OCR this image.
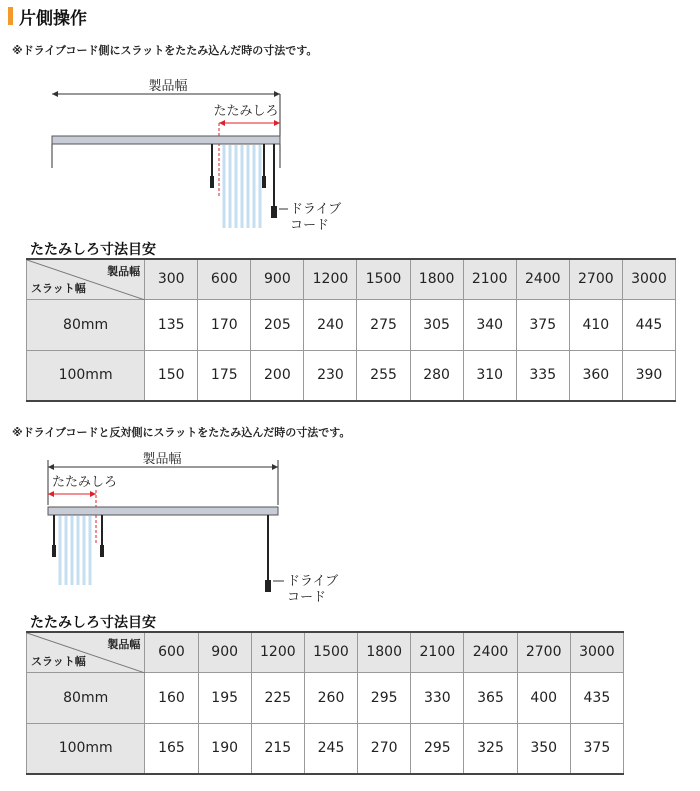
片側操作
※ドライブコード側にスラットをたたみ込んだ時の寸法です。
製品幅
たたみしろ
ドライブ
コード
たたみしろ寸法目安
製品幅
スラット幅	300	600	900	1200	1500	1800	2100	2400	2700	3000
80mm	135	170	205	240	275	305	340	375	410	445
100mm	150	175	200	230	255	280	310	335	360	390
※ドライブコードと反対側にスラットをたたみ込んだ時の寸法です。
製品幅
たたみしろ
ドライブ
コード
たたみしろ寸法目安
製品幅
スラット幅	600	900	1200	1500	1800	2100	2400	2700	3000
80mm	160	195	225	260	295	330	365	400	435
100mm	165	190	215	245	270	295	325	350	375
